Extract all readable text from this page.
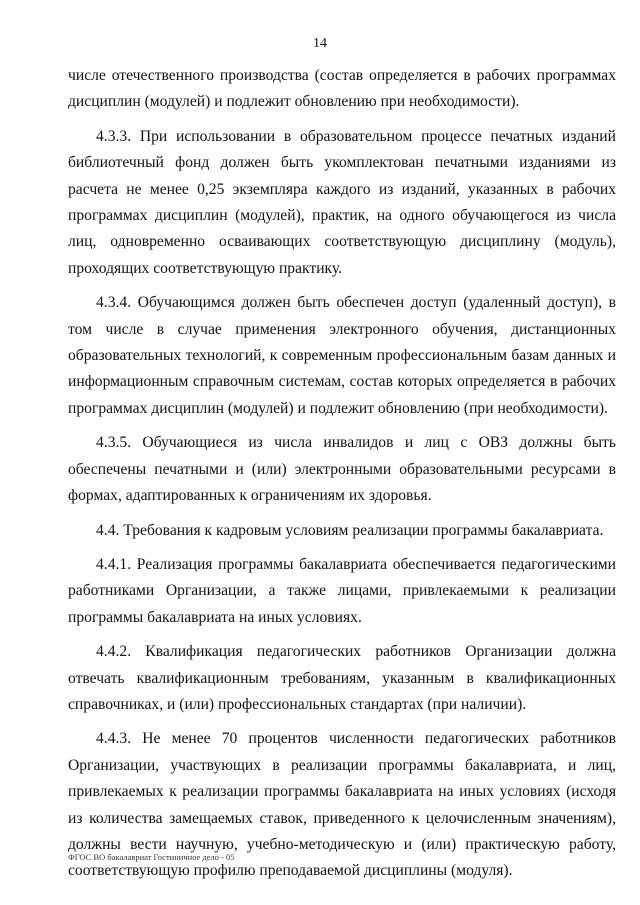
14

числе отечественного производства (состав определяется в рабочих программах дисциплин (модулей) и подлежит обновлению при необходимости).

4.3.3. При использовании в образовательном процессе печатных изданий библиотечный фонд должен быть укомплектован печатными изданиями из расчета не менее 0,25 экземпляра каждого из изданий, указанных в рабочих программах дисциплин (модулей), практик, на одного обучающегося из числа лиц, одновременно осваивающих соответствующую дисциплину (модуль), проходящих соответствующую практику.

4.3.4. Обучающимся должен быть обеспечен доступ (удаленный доступ), в том числе в случае применения электронного обучения, дистанционных образовательных технологий, к современным профессиональным базам данных и информационным справочным системам, состав которых определяется в рабочих программах дисциплин (модулей) и подлежит обновлению (при необходимости).

4.3.5. Обучающиеся из числа инвалидов и лиц с ОВЗ должны быть обеспечены печатными и (или) электронными образовательными ресурсами в формах, адаптированных к ограничениям их здоровья.

4.4. Требования к кадровым условиям реализации программы бакалавриата.

4.4.1. Реализация программы бакалавриата обеспечивается педагогическими работниками Организации, а также лицами, привлекаемыми к реализации программы бакалавриата на иных условиях.

4.4.2. Квалификация педагогических работников Организации должна отвечать квалификационным требованиям, указанным в квалификационных справочниках, и (или) профессиональных стандартах (при наличии).

4.4.3. Не менее 70 процентов численности педагогических работников Организации, участвующих в реализации программы бакалавриата, и лиц, привлекаемых к реализации программы бакалавриата на иных условиях (исходя из количества замещаемых ставок, приведенного к целочисленным значениям), должны вести научную, учебно-методическую и (или) практическую работу, соответствующую профилю преподаваемой дисциплины (модуля).

ФГОС ВО бакалавриат Гостиничное дело - 05
